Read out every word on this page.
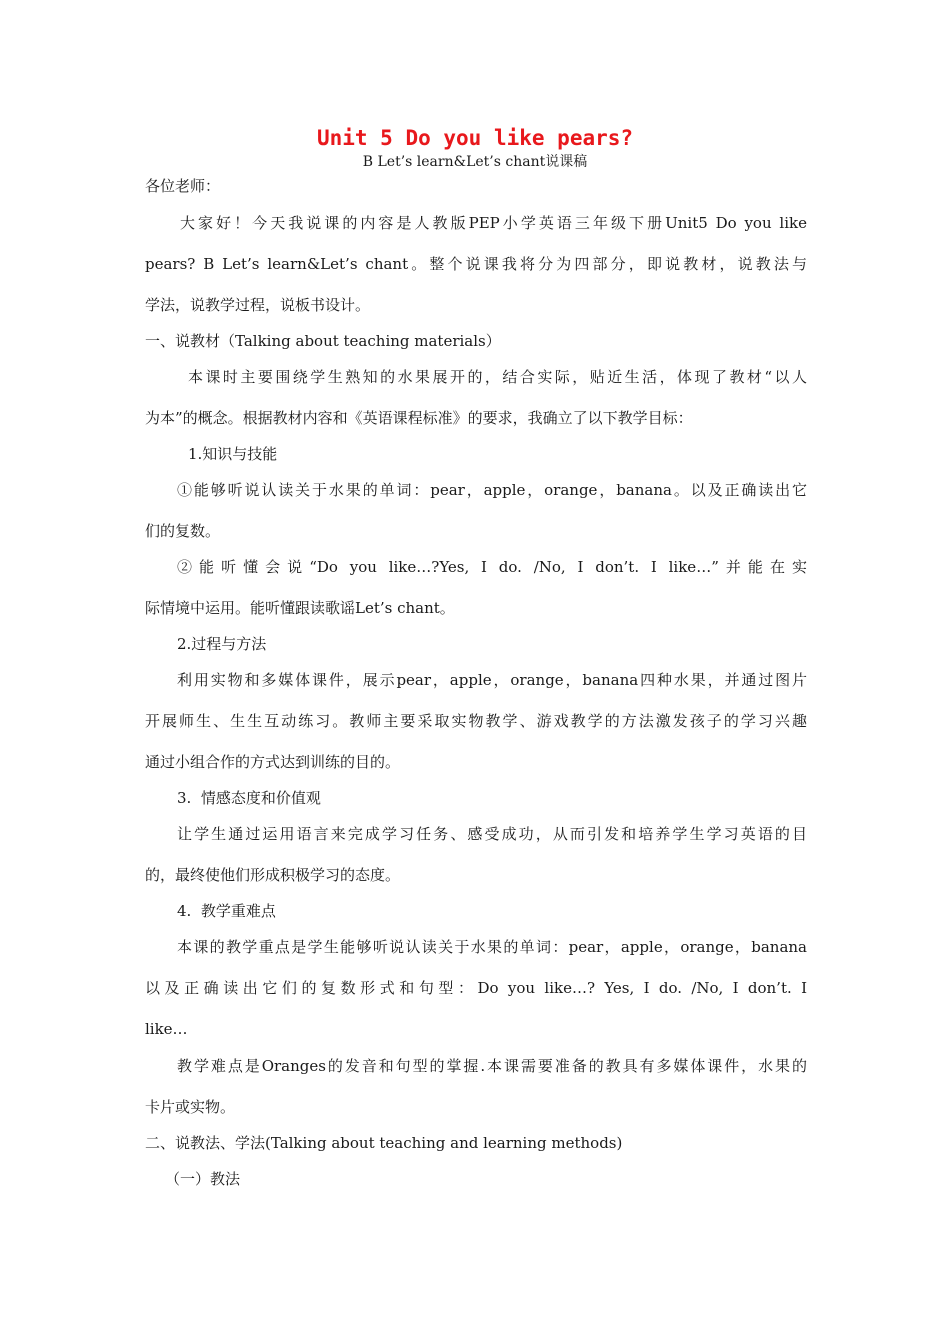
Unit 5 Do you like pears?
B Let’s learn&Let’s chant说课稿
各位老师：
大家好！今天我说课的内容是人教版PEP小学英语三年级下册Unit5 Do you like
pears? B Let’s learn&Let’s chant。整个说课我将分为四部分，即说教材，说教法与
学法，说教学过程，说板书设计。
一、说教材（Talking about teaching materials）
本课时主要围绕学生熟知的水果展开的，结合实际，贴近生活，体现了教材“以人
为本”的概念。根据教材内容和《英语课程标准》的要求，我确立了以下教学目标：
1.知识与技能
①能够听说认读关于水果的单词：pear，apple，orange，banana。以及正确读出它
们的复数。
②能听懂会说“Do you like…?Yes, I do. /No, I don’t. I like…”并能在实
际情境中运用。能听懂跟读歌谣Let’s chant。
2.过程与方法
利用实物和多媒体课件，展示pear，apple，orange，banana四种水果，并通过图片
开展师生、生生互动练习。教师主要采取实物教学、游戏教学的方法激发孩子的学习兴趣
通过小组合作的方式达到训练的目的。
3.  情感态度和价值观
让学生通过运用语言来完成学习任务、感受成功，从而引发和培养学生学习英语的目
的，最终使他们形成积极学习的态度。
4.  教学重难点
本课的教学重点是学生能够听说认读关于水果的单词：pear，apple，orange，banana
以及正确读出它们的复数形式和句型：Do you like…? Yes, I do. /No, I don’t. I
like…
教学难点是Oranges的发音和句型的掌握.本课需要准备的教具有多媒体课件，水果的
卡片或实物。
二、说教法、学法(Talking about teaching and learning methods)
（一）教法
